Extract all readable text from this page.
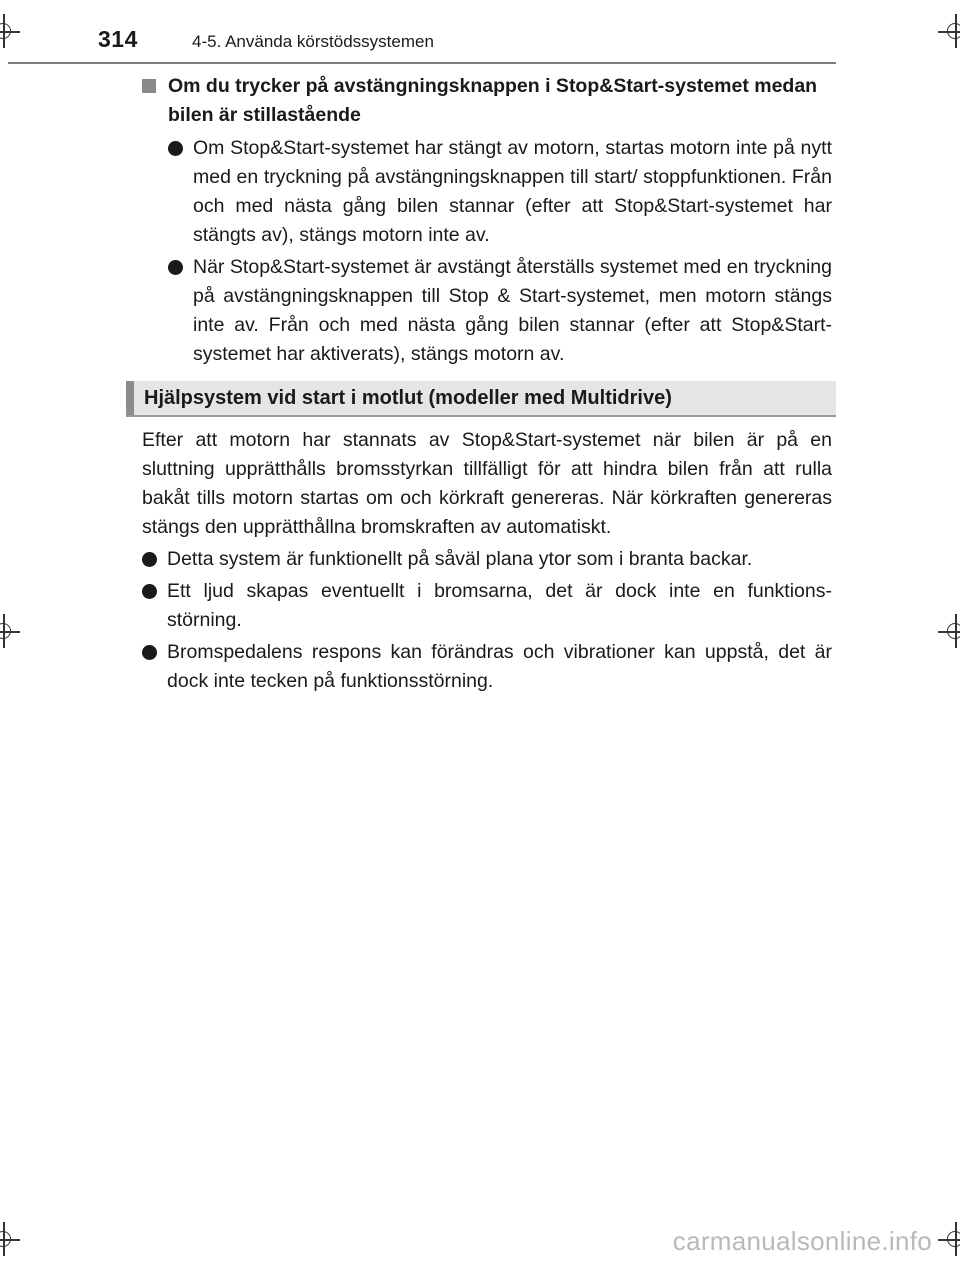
314	4-5. Använda körstödssystemen
Om du trycker på avstängningsknappen i Stop&Start-systemet medan bilen är stillastående
Om Stop&Start-systemet har stängt av motorn, startas motorn inte på nytt med en tryckning på avstängningsknappen till start/ stoppfunktionen. Från och med nästa gång bilen stannar (efter att Stop&Start-systemet har stängts av), stängs motorn inte av.
När Stop&Start-systemet är avstängt återställs systemet med en tryckning på avstängningsknappen till Stop & Start-systemet, men motorn stängs inte av. Från och med nästa gång bilen stannar (efter att Stop&Start-systemet har aktiverats), stängs motorn av.
Hjälpsystem vid start i motlut (modeller med Multidrive)
Efter att motorn har stannats av Stop&Start-systemet när bilen är på en sluttning upprätthålls bromsstyrkan tillfälligt för att hindra bilen från att rulla bakåt tills motorn startas om och körkraft genereras. När körkraften genereras stängs den upprätthållna bromskraften av automatiskt.
Detta system är funktionellt på såväl plana ytor som i branta backar.
Ett ljud skapas eventuellt i bromsarna, det är dock inte en funktions- störning.
Bromspedalens respons kan förändras och vibrationer kan uppstå, det är dock inte tecken på funktionsstörning.
carmanualsonline.info
